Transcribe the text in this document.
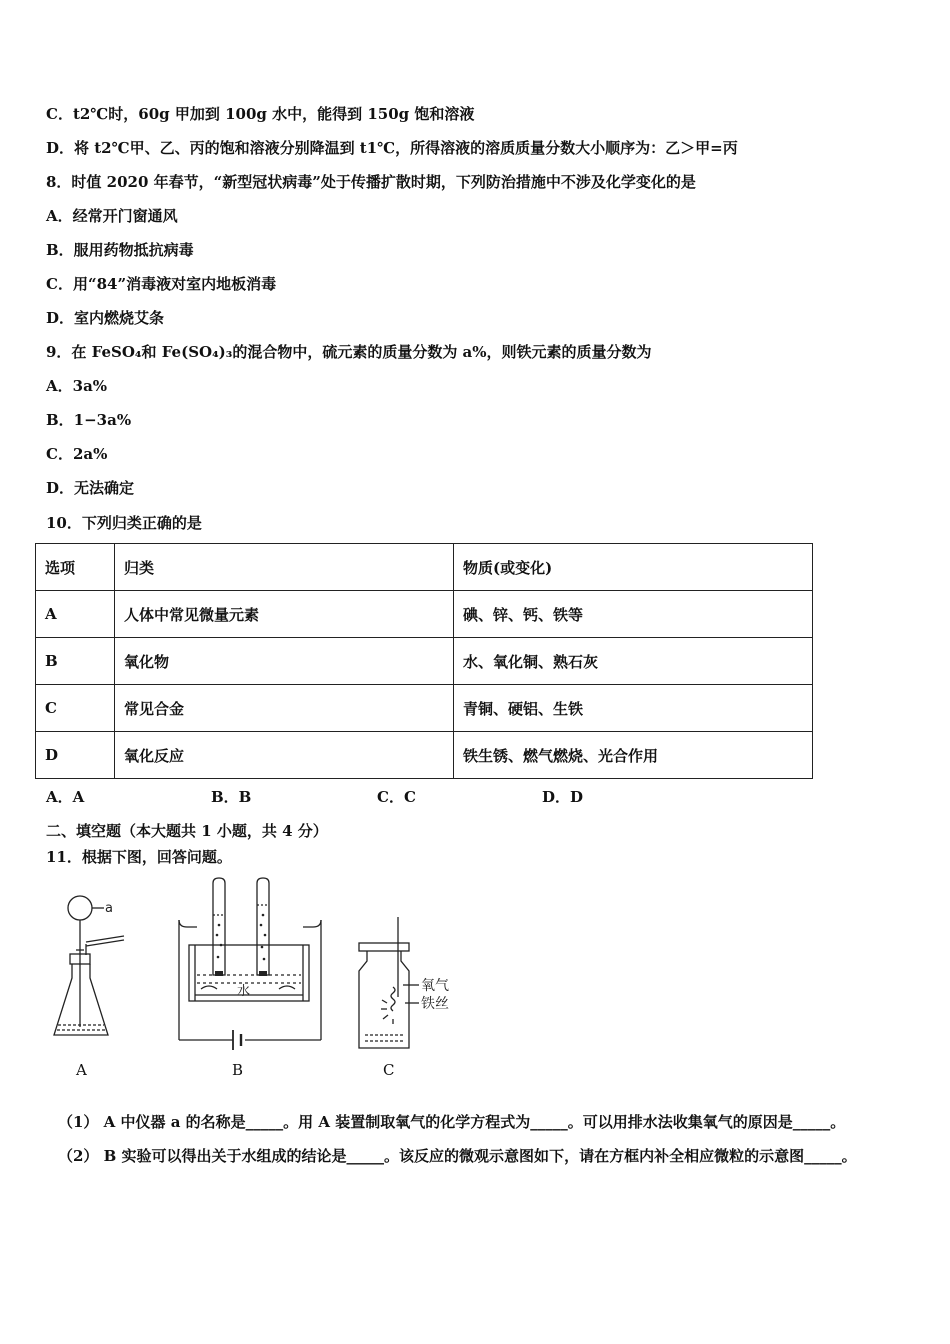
C．t2℃时，60g 甲加到 100g 水中，能得到 150g 饱和溶液
D．将 t2℃甲、乙、丙的饱和溶液分别降温到 t1℃，所得溶液的溶质质量分数大小顺序为：乙＞甲=丙
8．时值 2020 年春节，“新型冠状病毒”处于传播扩散时期，下列防治措施中不涉及化学变化的是
A．经常开门窗通风
B．服用药物抵抗病毒
C．用“84”消毒液对室内地板消毒
D．室内燃烧艾条
9．在 FeSO₄和 Fe(SO₄)₃的混合物中，硫元素的质量分数为 a%，则铁元素的质量分数为
A．3a%
B．1−3a%
C．2a%
D．无法确定
10．下列归类正确的是
选项	归类	物质(或变化)
A	人体中常见微量元素	碘、锌、钙、铁等
B	氧化物	水、氧化铜、熟石灰
C	常见合金	青铜、硬铝、生铁
D	氧化反应	铁生锈、燃气燃烧、光合作用
A．A	B．B	C．C	D．D
二、填空题（本大题共 1 小题，共 4 分）
11．根据下图，回答问题。
a
A
水
B
氧气
铁丝
C
（1） A 中仪器 a 的名称是_____。用 A 装置制取氧气的化学方程式为_____。可以用排水法收集氧气的原因是_____。
（2） B 实验可以得出关于水组成的结论是_____。该反应的微观示意图如下，请在方框内补全相应微粒的示意图_____。
